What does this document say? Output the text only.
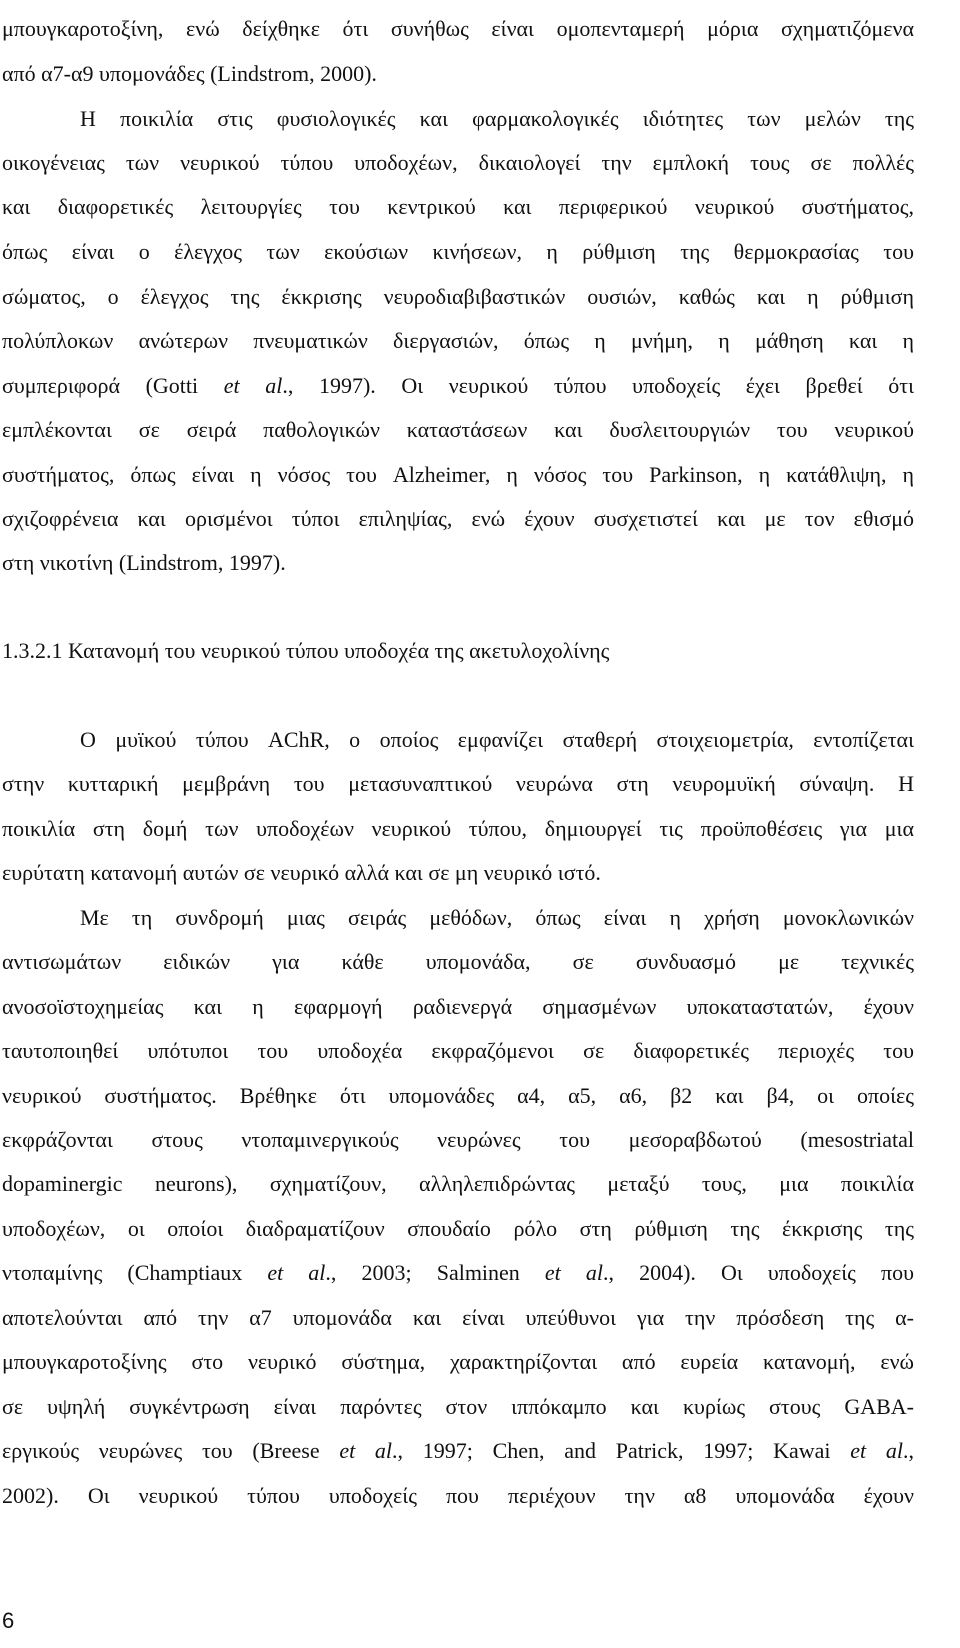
μπουγκαροτοξίνη, ενώ δείχθηκε ότι συνήθως είναι ομοπενταμερή μόρια σχηματιζόμενα
από α7-α9 υπομονάδες (Lindstrom, 2000).
Η ποικιλία στις φυσιολογικές και φαρμακολογικές ιδιότητες των μελών της
οικογένειας των νευρικού τύπου υποδοχέων, δικαιολογεί την εμπλοκή τους σε πολλές
και διαφορετικές λειτουργίες του κεντρικού και περιφερικού νευρικού συστήματος,
όπως είναι ο έλεγχος των εκούσιων κινήσεων, η ρύθμιση της θερμοκρασίας του
σώματος, ο έλεγχος της έκκρισης νευροδιαβιβαστικών ουσιών, καθώς και η ρύθμιση
πολύπλοκων ανώτερων πνευματικών διεργασιών, όπως η μνήμη, η μάθηση και η
συμπεριφορά (Gotti et al., 1997). Οι νευρικού τύπου υποδοχείς έχει βρεθεί ότι
εμπλέκονται σε σειρά παθολογικών καταστάσεων και δυσλειτουργιών του νευρικού
συστήματος, όπως είναι η νόσος του Alzheimer, η νόσος του Parkinson, η κατάθλιψη, η
σχιζοφρένεια και ορισμένοι τύποι επιληψίας, ενώ έχουν συσχετιστεί και με τον εθισμό
στη νικοτίνη (Lindstrom, 1997).
1.3.2.1 Κατανομή του νευρικού τύπου υποδοχέα της ακετυλοχολίνης
Ο μυϊκού τύπου AChR, ο οποίος εμφανίζει σταθερή στοιχειομετρία, εντοπίζεται
στην κυτταρική μεμβράνη του μετασυναπτικού νευρώνα στη νευρομυϊκή σύναψη. Η
ποικιλία στη δομή των υποδοχέων νευρικού τύπου, δημιουργεί τις προϋποθέσεις για μια
ευρύτατη κατανομή αυτών σε νευρικό αλλά και σε μη νευρικό ιστό.
Με τη συνδρομή μιας σειράς μεθόδων, όπως είναι η χρήση μονοκλωνικών
αντισωμάτων ειδικών για κάθε υπομονάδα, σε συνδυασμό με τεχνικές
ανοσοϊστοχημείας και η εφαρμογή ραδιενεργά σημασμένων υποκαταστατών, έχουν
ταυτοποιηθεί υπότυποι του υποδοχέα εκφραζόμενοι σε διαφορετικές περιοχές του
νευρικού συστήματος. Βρέθηκε ότι υπομονάδες α4, α5, α6, β2 και β4, οι οποίες
εκφράζονται στους ντοπαμινεργικούς νευρώνες του μεσοραβδωτού (mesostriatal
dopaminergic neurons), σχηματίζουν, αλληλεπιδρώντας μεταξύ τους, μια ποικιλία
υποδοχέων, οι οποίοι διαδραματίζουν σπουδαίο ρόλο στη ρύθμιση της έκκρισης της
ντοπαμίνης (Champtiaux et al., 2003; Salminen et al., 2004). Οι υποδοχείς που
αποτελούνται από την α7 υπομονάδα και είναι υπεύθυνοι για την πρόσδεση της α-
μπουγκαροτοξίνης στο νευρικό σύστημα, χαρακτηρίζονται από ευρεία κατανομή, ενώ
σε υψηλή συγκέντρωση είναι παρόντες στον ιππόκαμπο και κυρίως στους GABA-
εργικούς νευρώνες του (Breese et al., 1997; Chen, and Patrick, 1997; Kawai et al.,
2002). Οι νευρικού τύπου υποδοχείς που περιέχουν την α8 υπομονάδα έχουν
6
